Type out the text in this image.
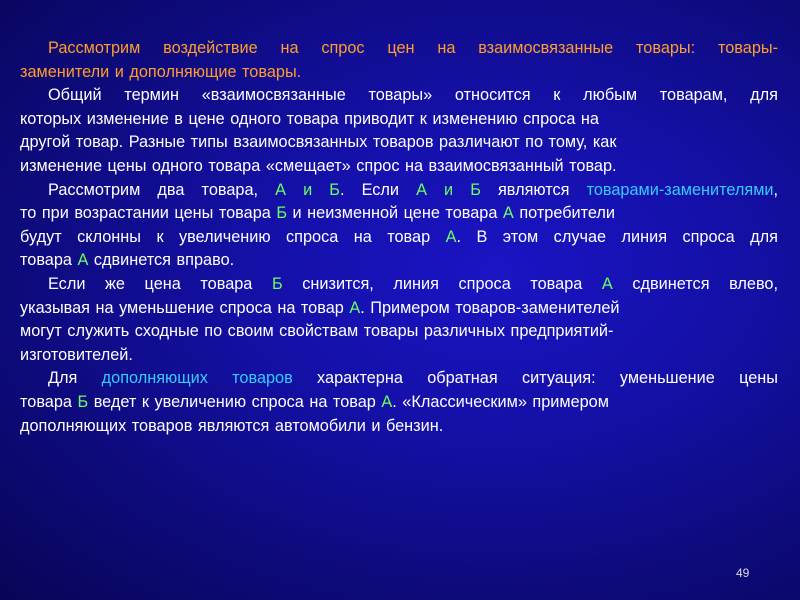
Рассмотрим воздействие на спрос цен на взаимосвязанные товары: товары-
заменители и дополняющие товары.
Общий термин «взаимосвязанные товары» относится к любым товарам, для
которых изменение в цене одного товара приводит к изменению спроса на
другой товар. Разные типы взаимосвязанных товаров различают по тому, как
изменение цены одного товара «смещает» спрос на взаимосвязанный товар.
Рассмотрим два товара, А и Б. Если А и Б являются товарами-заменителями,
то при возрастании цены товара Б и неизменной цене товара А потребители
будут склонны к увеличению спроса на товар А. В этом случае линия спроса для
товара А сдвинется вправо.
Если же цена товара Б снизится, линия спроса товара А сдвинется влево,
указывая на уменьшение спроса на товар А. Примером товаров-заменителей
могут служить сходные по своим свойствам товары различных предприятий-
изготовителей.
Для дополняющих товаров характерна обратная ситуация: уменьшение цены
товара Б ведет к увеличению спроса на товар А. «Классическим» примером
дополняющих товаров являются автомобили и бензин.
49
